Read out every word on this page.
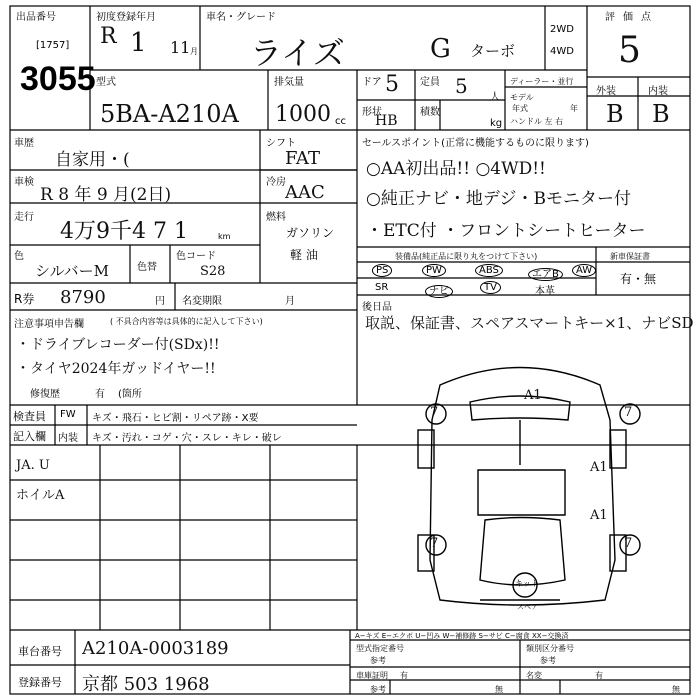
出品番号
[1757]
3055
初度登録年月
R 1 11 月
車名・グレード
ライズ	G ターボ
2WD
4WD
評価点
5
型式
5BA-A210A
排気量
1000 cc
ドア 5 定員 5 人
形状
HB
積数
kg
ディーラー・並行
モデル
年式	年
ハンドル 左 右
外装	内装
B B
車歴
自家用・(
車検
R 8 年 9 月(2日)
走行
4万9千4 7 1	km
色
シルバーM	色替
色コード
S28
シフト
FAT
冷房 AAC
燃料
ガソリン
軽 油
R券 8790	円 名変期限	月
注意事項申告欄	( 不具合内容等は具体的に記入して下さい)
・ドライブレコーダー付(SDx)!!
・タイヤ2024年ガッドイヤー!!
修復歴	有 (箇所
セールスポイント(正常に機能するものに限ります)
○AA初出品!! ○4WD!!
○純正ナビ・地デジ・Bモニター付
・ETC付 ・フロントシートヒーター
装備品(純正品に限り丸をつけて下さい)	新車保証書
有・無
PS	PW	ABS	エアB	AW
SR	ナビ	TV	本革
後日品
取説、保証書、スペアスマートキー×1、ナビSD
検査員
記入欄
FW キズ・飛石・ヒビ割・リペア跡・X要
内装 キズ・汚れ・コゲ・穴・スレ・キレ・破レ
JA. U
ホイルA
A1
A1
A1
7	7
7	7
キット
スペア
A−キズ E−エクボ U−凹み W−補修跡 S−サビ C−腐食 XX−交換済
車台番号 A210A-0003189
登録番号 京都 503 1968
型式指定番号
参考
類別区分番号
参考
車庫証明
参考
有
無
名変	有
無
